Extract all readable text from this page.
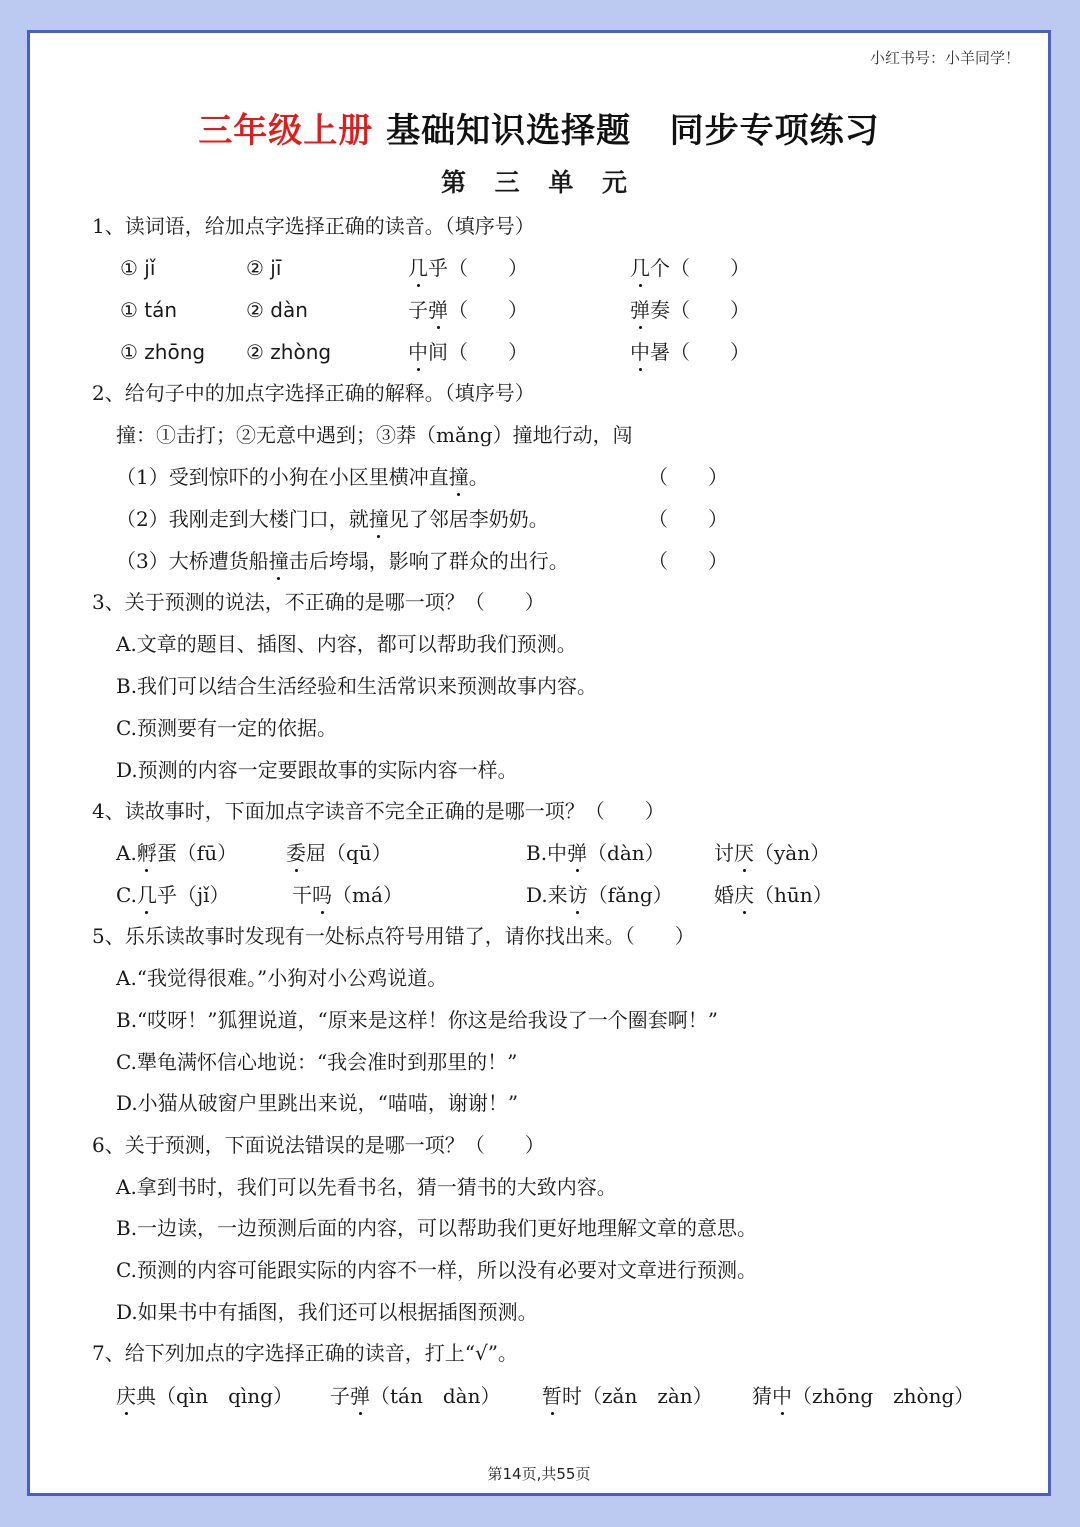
小红书号：小羊同学！
三年级上册 基础知识选择题 同步专项练习
第 三 单 元
1、读词语，给加点字选择正确的读音。（填序号）
① jǐ	② jī	几乎（　　）	几个（　　）
① tán	② dàn	子弹（　　）	弹奏（　　）
① zhōng ② zhòng	中间（　　）	中暑（　　）
2、给句子中的加点字选择正确的解释。（填序号）
撞：①击打；②无意中遇到；③莽（mǎng）撞地行动，闯
（1）受到惊吓的小狗在小区里横冲直撞。	（　　）
（2）我刚走到大楼门口，就撞见了邻居李奶奶。	（　　）
（3）大桥遭货船撞击后垮塌，影响了群众的出行。	（　　）
3、关于预测的说法，不正确的是哪一项？（　　）
A.文章的题目、插图、内容，都可以帮助我们预测。
B.我们可以结合生活经验和生活常识来预测故事内容。
C.预测要有一定的依据。
D.预测的内容一定要跟故事的实际内容一样。
4、读故事时，下面加点字读音不完全正确的是哪一项？（　　）
A.孵蛋（fū） 委屈（qū）	B.中弹（dàn） 讨厌（yàn）
C.几乎（jǐ）	干吗（má）	D.来访（fǎng） 婚庆（hūn）
5、乐乐读故事时发现有一处标点符号用错了，请你找出来。（　　）
A.“我觉得很难。”小狗对小公鸡说道。
B.“哎呀！”狐狸说道，“原来是这样！你这是给我设了一个圈套啊！”
C.犟龟满怀信心地说：“我会准时到那里的！”
D.小猫从破窗户里跳出来说，“喵喵，谢谢！”
6、关于预测，下面说法错误的是哪一项？（　　）
A.拿到书时，我们可以先看书名，猜一猜书的大致内容。
B.一边读，一边预测后面的内容，可以帮助我们更好地理解文章的意思。
C.预测的内容可能跟实际的内容不一样，所以没有必要对文章进行预测。
D.如果书中有插图，我们还可以根据插图预测。
7、给下列加点的字选择正确的读音，打上“√”。
庆典（qìn　qìng） 子弹（tán　dàn） 暂时（zǎn　zàn） 猜中（zhōng　zhòng）
第14页,共55页
